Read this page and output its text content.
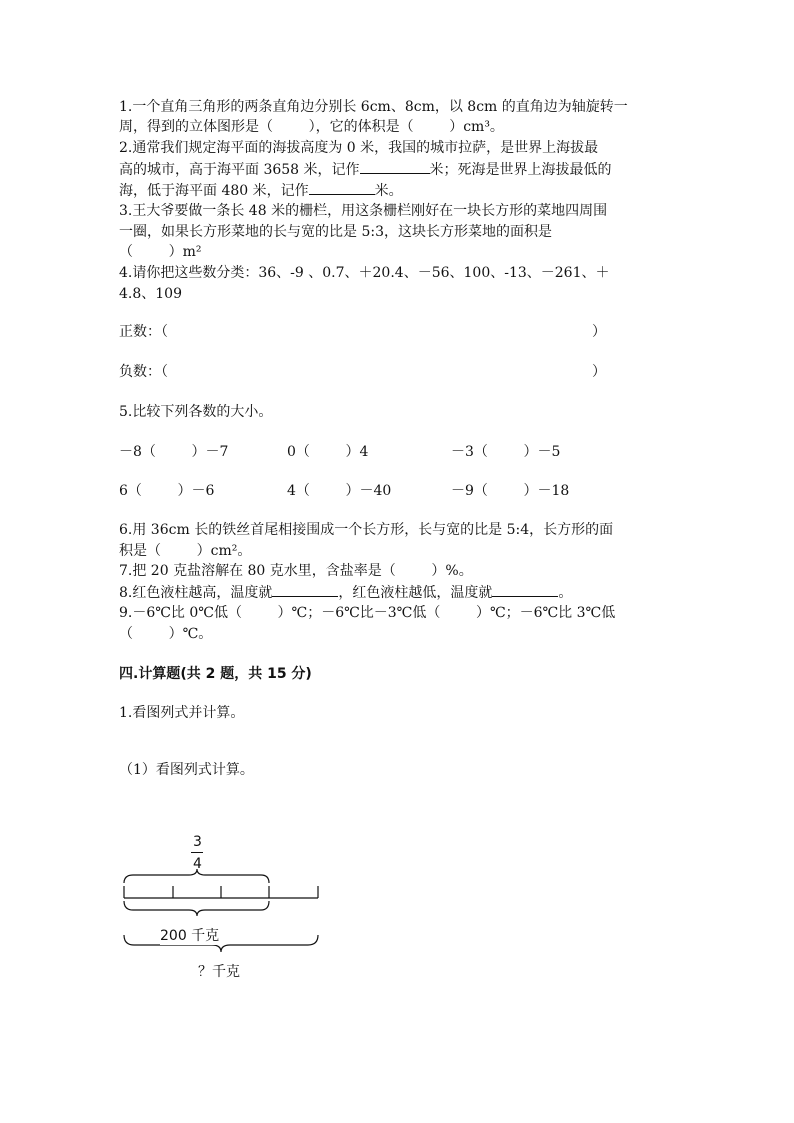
1.一个直角三角形的两条直角边分别长 6cm、8cm，以 8cm 的直角边为轴旋转一
周，得到的立体图形是（        ），它的体积是（        ）cm³。
2.通常我们规定海平面的海拔高度为 0 米，我国的城市拉萨，是世界上海拔最
高的城市，高于海平面 3658 米，记作	米；死海是世界上海拔最低的
海，低于海平面 480 米，记作	米。
3.王大爷要做一条长 48 米的栅栏，用这条栅栏刚好在一块长方形的菜地四周围
一圈，如果长方形菜地的长与宽的比是 5:3，这块长方形菜地的面积是
（        ）m²
4.请你把这些数分类：36、-9 、0.7、＋20.4、－56、100、-13、－261、＋
4.8、109
正数：（	）
负数：（	）
5.比较下列各数的大小。
－8（        ）－7	0（        ）4	－3（        ）－5
6（        ）－6	4（        ）－40	－9（        ）－18
6.用 36cm 长的铁丝首尾相接围成一个长方形，长与宽的比是 5:4，长方形的面
积是（        ）cm²。
7.把 20 克盐溶解在 80 克水里，含盐率是（        ）%。
8.红色液柱越高，温度就	，红色液柱越低，温度就	。
9.－6℃比 0℃低（        ）℃；－6℃比－3℃低（        ）℃；－6℃比 3℃低
（        ）℃。
四.计算题(共 2 题，共 15 分)
1.看图列式并计算。
（1）看图列式计算。
3
4
200 千克
？千克
